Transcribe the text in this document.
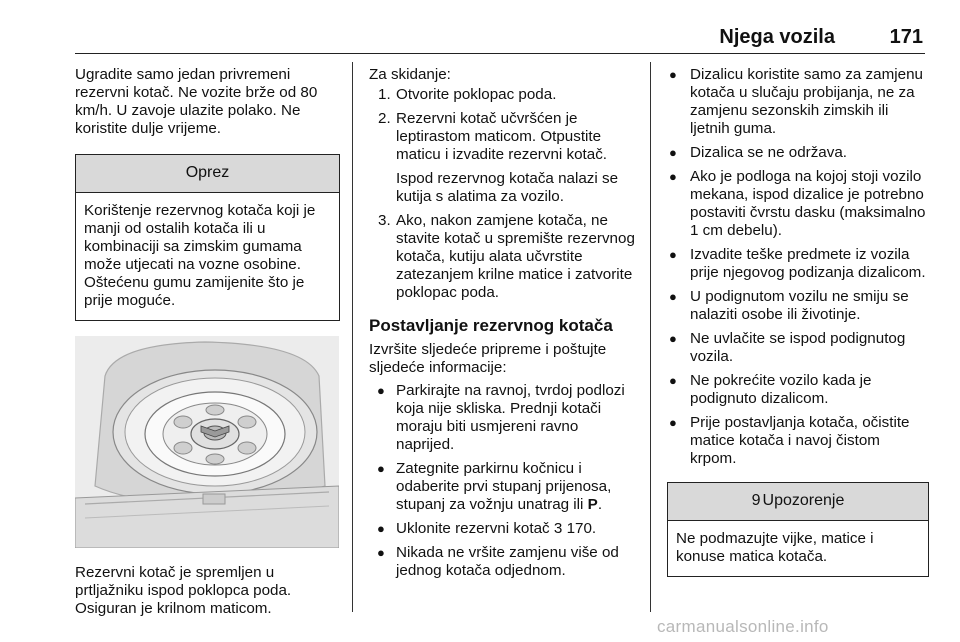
Njega vozila	171

Ugradite samo jedan privremeni rezervni kotač. Ne vozite brže od 80 km/h. U zavoje ulazite polako. Ne koristite dulje vrijeme.

Oprez
Korištenje rezervnog kotača koji je manji od ostalih kotača ili u kombinaciji sa zimskim gumama može utjecati na vozne osobine. Oštećenu gumu zamijenite što je prije moguće.

Rezervni kotač je spremljen u prtljažniku ispod poklopca poda. Osiguran je krilnom maticom.

Za skidanje:

1. Otvorite poklopac poda.
2. Rezervni kotač učvršćen je leptirastom maticom. Otpustite maticu i izvadite rezervni kotač.

Ispod rezervnog kotača nalazi se kutija s alatima za vozilo.

3. Ako, nakon zamjene kotača, ne stavite kotač u spremište rezervnog kotača, kutiju alata učvrstite zatezanjem krilne matice i zatvorite poklopac poda.
Postavljanje rezervnog kotača

Izvršite sljedeće pripreme i poštujte sljedeće informacije:

● Parkirajte na ravnoj, tvrdoj podlozi koja nije skliska. Prednji kotači moraju biti usmjereni ravno naprijed.
● Zategnite parkirnu kočnicu i odaberite prvi stupanj prijenosa, stupanj za vožnju unatrag ili P.
● Uklonite rezervni kotač 3 170.
● Nikada ne vršite zamjenu više od jednog kotača odjednom.
● Dizalicu koristite samo za zamjenu kotača u slučaju probijanja, ne za zamjenu sezonskih zimskih ili ljetnih guma.
● Dizalica se ne održava.
● Ako je podloga na kojoj stoji vozilo mekana, ispod dizalice je potrebno postaviti čvrstu dasku (maksimalno 1 cm debelu).
● Izvadite teške predmete iz vozila prije njegovog podizanja dizalicom.
● U podignutom vozilu ne smiju se nalaziti osobe ili životinje.
● Ne uvlačite se ispod podignutog vozila.
● Ne pokrećite vozilo kada je podignuto dizalicom.
● Prije postavljanja kotača, očistite matice kotača i navoj čistom krpom.
9 Upozorenje
Ne podmazujte vijke, matice i konuse matica kotača.
carmanualsonline.info
